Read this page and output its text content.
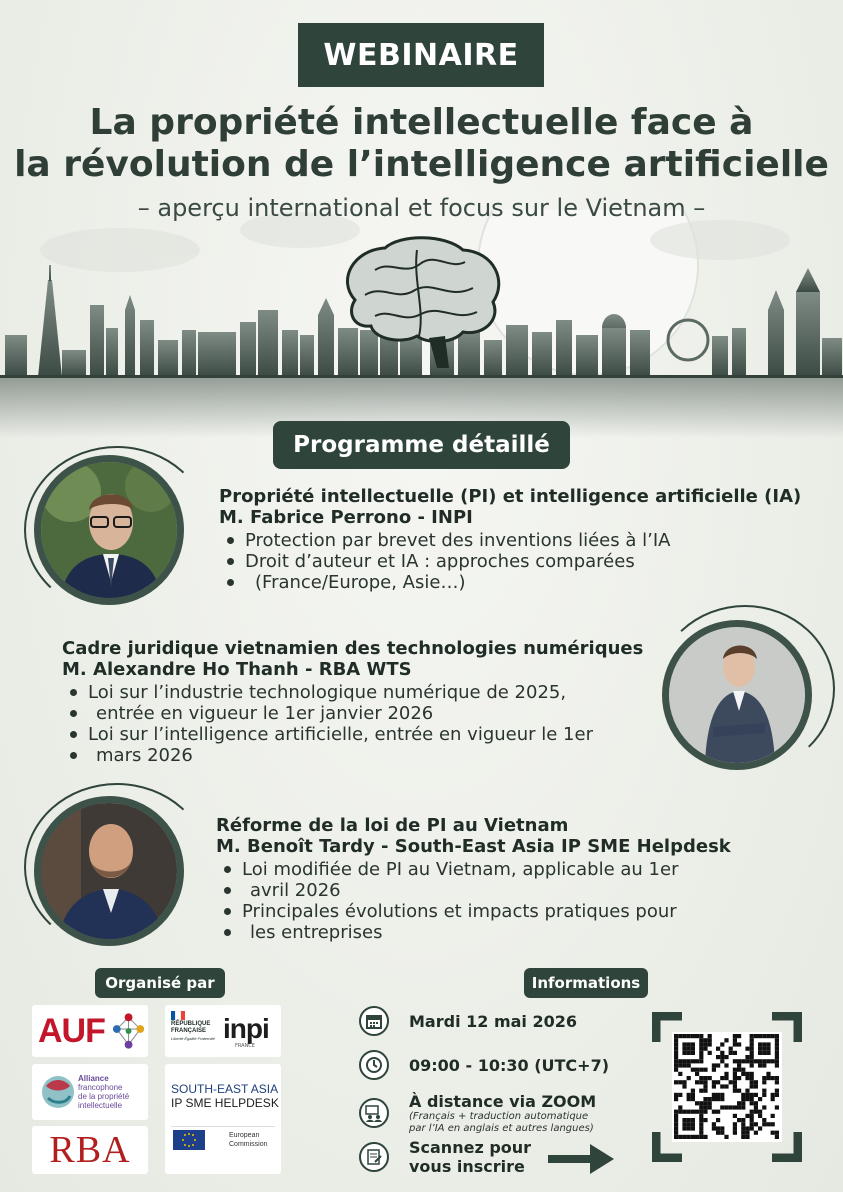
WEBINAIRE
La propriété intellectuelle face à
la révolution de l’intelligence artificielle
– aperçu international et focus sur le Vietnam –
Programme détaillé
Propriété intellectuelle (PI) et intelligence artificielle (IA)
M. Fabrice Perrono - INPI
Protection par brevet des inventions liées à l’IA
Droit d’auteur et IA : approches comparées
(France/Europe, Asie…)
Cadre juridique vietnamien des technologies numériques
M. Alexandre Ho Thanh - RBA WTS
Loi sur l’industrie technologique numérique de 2025,
entrée en vigueur le 1er janvier 2026
Loi sur l’intelligence artificielle, entrée en vigueur le 1er
mars 2026
Réforme de la loi de PI au Vietnam
M. Benoît Tardy - South-East Asia IP SME Helpdesk
Loi modifiée de PI au Vietnam, applicable au 1er
avril 2026
Principales évolutions et impacts pratiques pour
les entreprises
Organisé par
AUF	RÉPUBLIQUE
FRANÇAISE
Liberté Égalité Fraternité inpi
FRANCE
Alliance
francophone
de la propriété
intellectuelle
SOUTH-EAST ASIA
IP SME HELPDESK
European
Commission
RBA
Informations
Mardi 12 mai 2026
09:00 - 10:30 (UTC+7)
À distance via ZOOM
(Français + traduction automatique
par l’IA en anglais et autres langues)
Scannez pour
vous inscrire
